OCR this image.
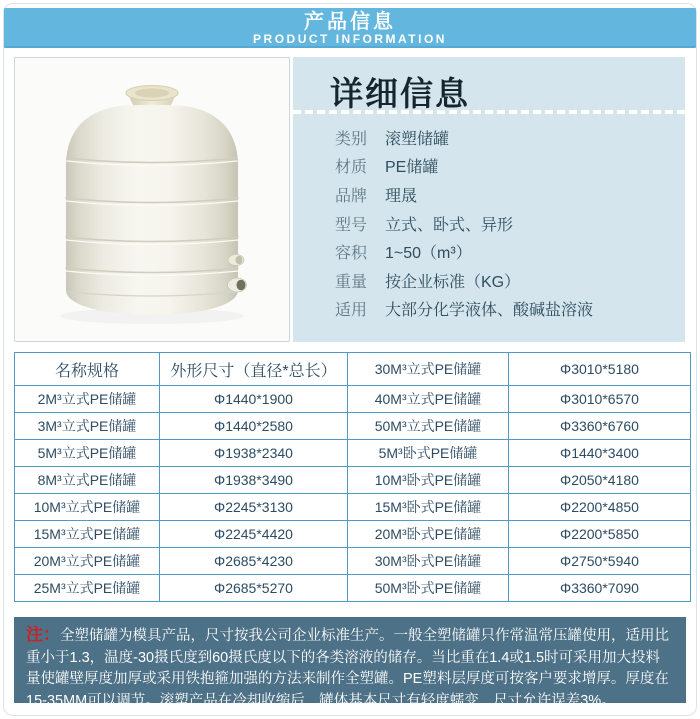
产品信息
PRODUCT INFORMATION
详细信息
类别 滚塑储罐
材质 PE储罐
品牌 理晟
型号 立式、卧式、异形
容积 1~50（m³）
重量 按企业标准（KG）
适用 大部分化学液体、酸碱盐溶液
名称规格	外形尺寸（直径*总长）	30M³立式PE储罐	Φ3010*5180
2M³立式PE储罐	Φ1440*1900	40M³立式PE储罐	Φ3010*6570
3M³立式PE储罐	Φ1440*2580	50M³立式PE储罐	Φ3360*6760
5M³立式PE储罐	Φ1938*2340	5M³卧式PE储罐	Φ1440*3400
8M³立式PE储罐	Φ1938*3490	10M³卧式PE储罐	Φ2050*4180
10M³立式PE储罐	Φ2245*3130	15M³卧式PE储罐	Φ2200*4850
15M³立式PE储罐	Φ2245*4420	20M³卧式PE储罐	Φ2200*5850
20M³立式PE储罐	Φ2685*4230	30M³卧式PE储罐	Φ2750*5940
25M³立式PE储罐	Φ2685*5270	50M³卧式PE储罐	Φ3360*7090
注：全塑储罐为模具产品，尺寸按我公司企业标准生产。一般全塑储罐只作常温常压罐使用，适用比重小于1.3，温度-30摄氏度到60摄氏度以下的各类溶液的储存。当比重在1.4或1.5时可采用加大投料量使罐壁厚度加厚或采用铁抱箍加强的方法来制作全塑罐。PE塑料层厚度可按客户要求增厚。厚度在15-35MM可以调节。滚塑产品在冷却收缩后，罐体基本尺寸有轻度蠕变，尺寸允许误差3%。
